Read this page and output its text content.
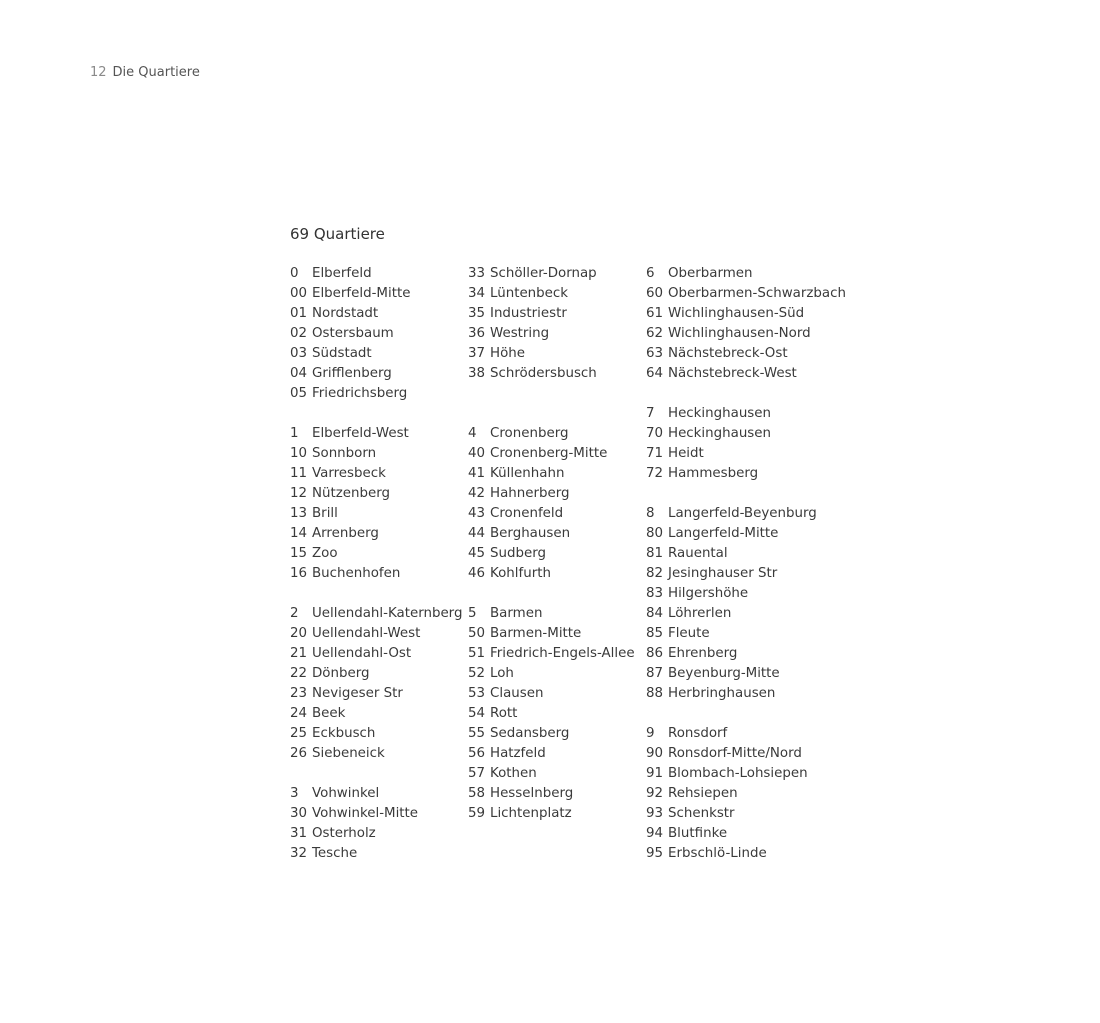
12 Die Quartiere
69 Quartiere
0	Elberfeld
00 Elberfeld-Mitte
01 Nordstadt
02 Ostersbaum
03 Südstadt
04 Grifflenberg
05 Friedrichsberg
1	Elberfeld-West
10 Sonnborn
11 Varresbeck
12 Nützenberg
13 Brill
14 Arrenberg
15 Zoo
16 Buchenhofen
2	Uellendahl-Katernberg
20 Uellendahl-West
21 Uellendahl-Ost
22 Dönberg
23 Nevigeser Str
24 Beek
25 Eckbusch
26 Siebeneick
3	Vohwinkel
30 Vohwinkel-Mitte
31 Osterholz
32 Tesche
33 Schöller-Dornap
34 Lüntenbeck
35 Industriestr
36 Westring
37 Höhe
38 Schrödersbusch
4	Cronenberg
40 Cronenberg-Mitte
41 Küllenhahn
42 Hahnerberg
43 Cronenfeld
44 Berghausen
45 Sudberg
46 Kohlfurth
5	Barmen
50 Barmen-Mitte
51 Friedrich-Engels-Allee
52 Loh
53 Clausen
54 Rott
55 Sedansberg
56 Hatzfeld
57 Kothen
58 Hesselnberg
59 Lichtenplatz
6	Oberbarmen
60 Oberbarmen-Schwarzbach
61 Wichlinghausen-Süd
62 Wichlinghausen-Nord
63 Nächstebreck-Ost
64 Nächstebreck-West
7	Heckinghausen
70 Heckinghausen
71 Heidt
72 Hammesberg
8	Langerfeld-Beyenburg
80 Langerfeld-Mitte
81 Rauental
82 Jesinghauser Str
83 Hilgershöhe
84 Löhrerlen
85 Fleute
86 Ehrenberg
87 Beyenburg-Mitte
88 Herbringhausen
9	Ronsdorf
90 Ronsdorf-Mitte/Nord
91 Blombach-Lohsiepen
92 Rehsiepen
93 Schenkstr
94 Blutfinke
95 Erbschlö-Linde
